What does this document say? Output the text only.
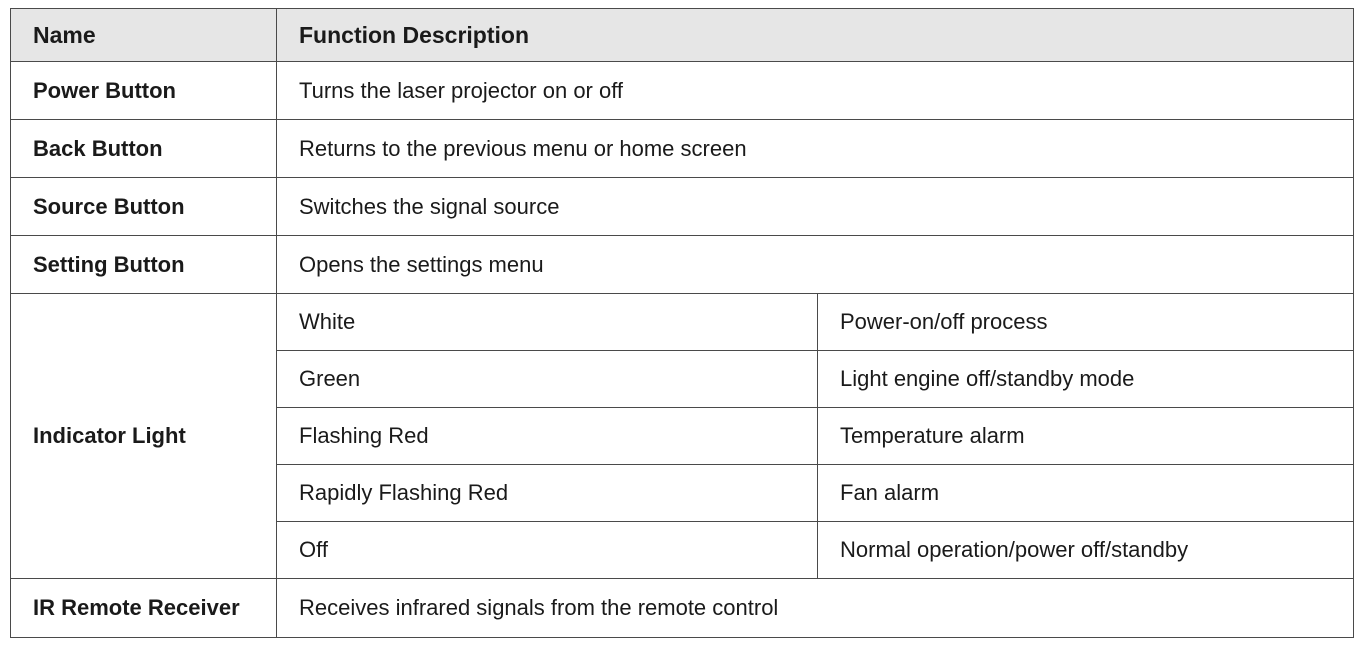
Name	Function Description	
Power Button	Turns the laser projector on or off	
Back Button	Returns to the previous menu or home screen	
Source Button	Switches the signal source	
Setting Button	Opens the settings menu	
Indicator Light	White	Power-on/off process
	Green	Light engine off/standby mode
	Flashing Red	Temperature alarm
	Rapidly Flashing Red	Fan alarm
	Off	Normal operation/power off/standby
IR Remote Receiver	Receives infrared signals from the remote control	
